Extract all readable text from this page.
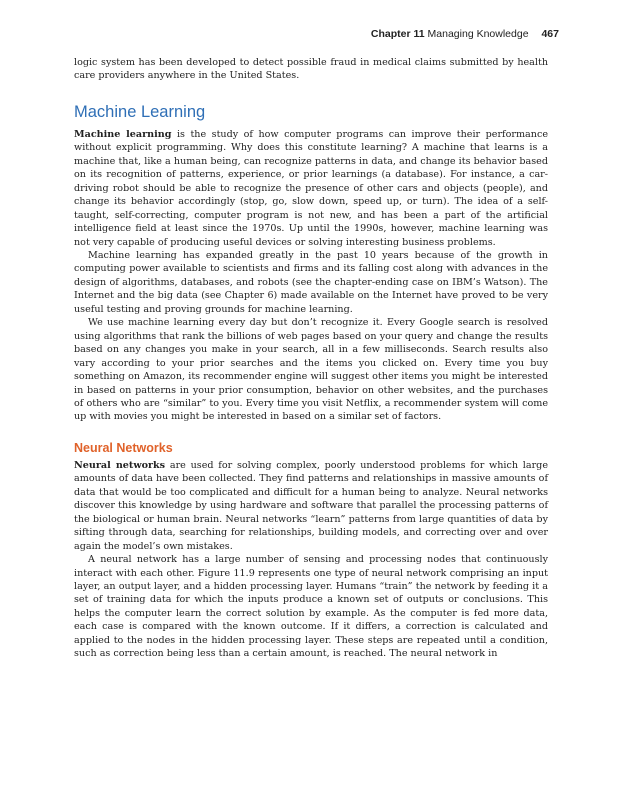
Chapter 11 Managing Knowledge 467

logic system has been developed to detect possible fraud in medical claims submitted by health care providers anywhere in the United States.

Machine Learning

Machine learning is the study of how computer programs can improve their performance without explicit programming. Why does this constitute learning? A machine that learns is a machine that, like a human being, can recognize patterns in data, and change its behavior based on its recognition of patterns, experience, or prior learnings (a database). For instance, a car-driving robot should be able to recognize the presence of other cars and objects (people), and change its behavior accordingly (stop, go, slow down, speed up, or turn). The idea of a self-taught, self-correcting, computer program is not new, and has been a part of the artificial intelligence field at least since the 1970s. Up until the 1990s, however, machine learning was not very capable of producing useful devices or solving interesting business problems.

Machine learning has expanded greatly in the past 10 years because of the growth in computing power available to scientists and firms and its falling cost along with advances in the design of algorithms, databases, and robots (see the chapter-ending case on IBM’s Watson). The Internet and the big data (see Chapter 6) made available on the Internet have proved to be very useful testing and proving grounds for machine learning.

We use machine learning every day but don’t recognize it. Every Google search is resolved using algorithms that rank the billions of web pages based on your query and change the results based on any changes you make in your search, all in a few milliseconds. Search results also vary according to your prior searches and the items you clicked on. Every time you buy something on Amazon, its recommender engine will suggest other items you might be interested in based on patterns in your prior consumption, behavior on other websites, and the purchases of others who are “similar” to you. Every time you visit Netflix, a recommender system will come up with movies you might be interested in based on a similar set of factors.

Neural Networks

Neural networks are used for solving complex, poorly understood problems for which large amounts of data have been collected. They find patterns and relationships in massive amounts of data that would be too complicated and difficult for a human being to analyze. Neural networks discover this knowledge by using hardware and software that parallel the processing patterns of the biological or human brain. Neural networks “learn” patterns from large quantities of data by sifting through data, searching for relationships, building models, and correcting over and over again the model’s own mistakes.

A neural network has a large number of sensing and processing nodes that continuously interact with each other. Figure 11.9 represents one type of neural network comprising an input layer, an output layer, and a hidden processing layer. Humans “train” the network by feeding it a set of training data for which the inputs produce a known set of outputs or conclusions. This helps the computer learn the correct solution by example. As the computer is fed more data, each case is compared with the known outcome. If it differs, a correction is calculated and applied to the nodes in the hidden processing layer. These steps are repeated until a condition, such as correction being less than a certain amount, is reached. The neural network in
